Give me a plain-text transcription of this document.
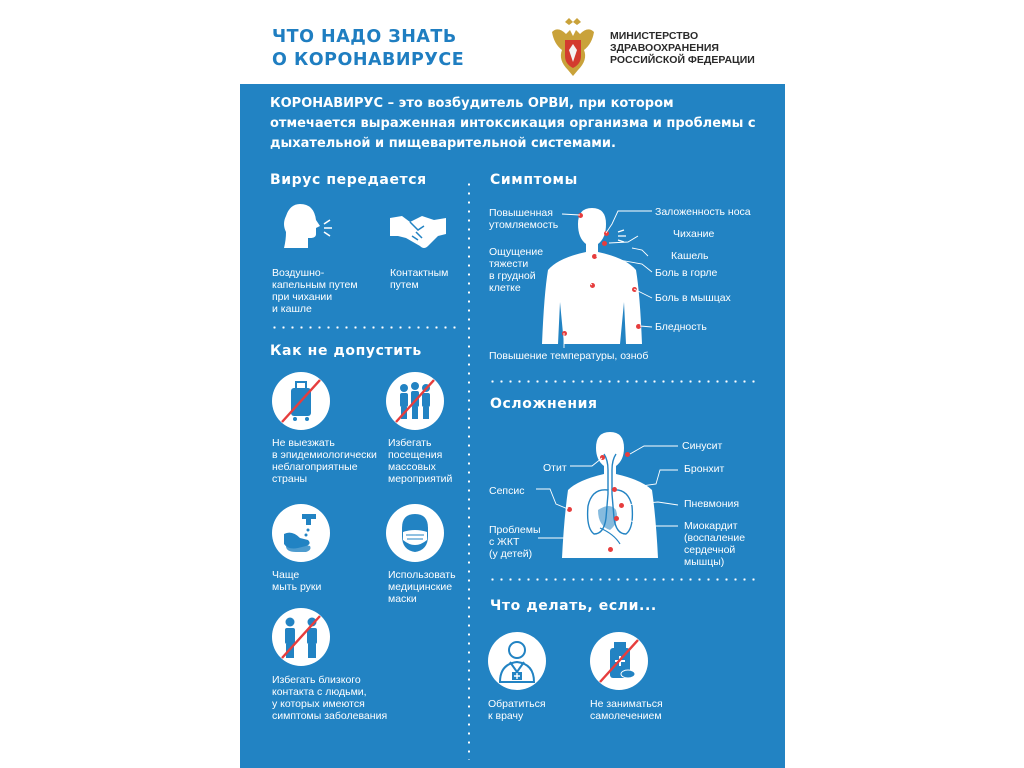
ЧТО НАДО ЗНАТЬ
О КОРОНАВИРУСЕ
МИНИСТЕРСТВО
ЗДРАВООХРАНЕНИЯ
РОССИЙСКОЙ ФЕДЕРАЦИИ
КОРОНАВИРУС – это возбудитель ОРВИ, при котором отмечается выраженная интоксикация организма и проблемы с дыхательной и пищеварительной системами.
Вирус передается
Воздушно-
капельным путем
при чихании
и кашле
Контактным
путем
Как не допустить
Не выезжать
в эпидемиологически
неблагоприятные
страны
Избегать
посещения
массовых
мероприятий
Чаще
мыть руки
Использовать
медицинские
маски
Избегать близкого
контакта с людьми,
у которых имеются
симптомы заболевания
Симптомы
Повышенная
утомляемость
Ощущение
тяжести
в грудной
клетке
Заложенность носа
Чихание
Кашель
Боль в горле
Боль в мышцах
Бледность
Повышение температуры, озноб
Осложнения
Синусит
Отит	Бронхит
Сепсис
Пневмония
Проблемы
с ЖКТ
(у детей)
Миокардит
(воспаление
сердечной
мышцы)
Что делать, если...
Обратиться
к врачу
Не заниматься
самолечением
